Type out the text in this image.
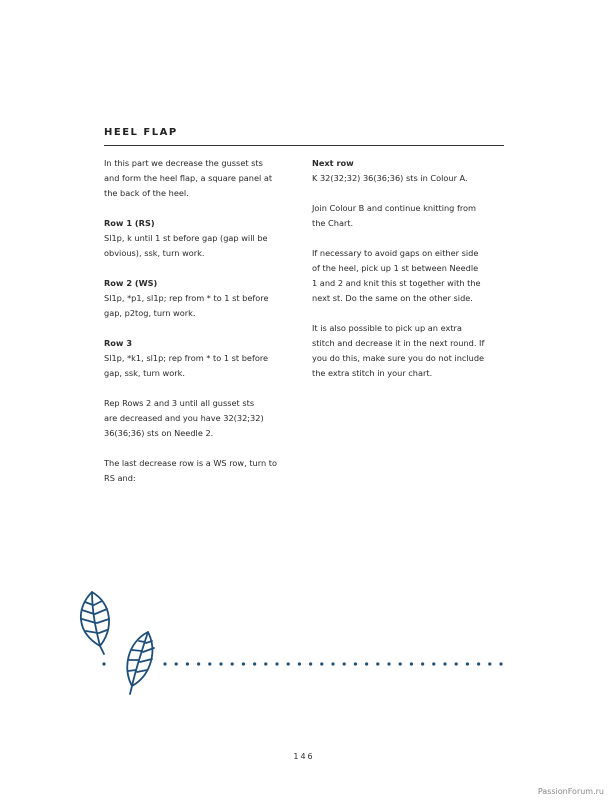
HEEL FLAP

In this part we decrease the gusset sts
and form the heel flap, a square panel at
the back of the heel.

Row 1 (RS)
Sl1p, k until 1 st before gap (gap will be
obvious), ssk, turn work.

Row 2 (WS)
Sl1p, *p1, sl1p; rep from * to 1 st before
gap, p2tog, turn work.

Row 3
Sl1p, *k1, sl1p; rep from * to 1 st before
gap, ssk, turn work.

Rep Rows 2 and 3 until all gusset sts
are decreased and you have 32(32;32)
36(36;36) sts on Needle 2.

The last decrease row is a WS row, turn to
RS and:

Next row
K 32(32;32) 36(36;36) sts in Colour A.

Join Colour B and continue knitting from
the Chart.

If necessary to avoid gaps on either side
of the heel, pick up 1 st between Needle
1 and 2 and knit this st together with the
next st. Do the same on the other side.

It is also possible to pick up an extra
stitch and decrease it in the next round. If
you do this, make sure you do not include
the extra stitch in your chart.

146
PassionForum.ru
